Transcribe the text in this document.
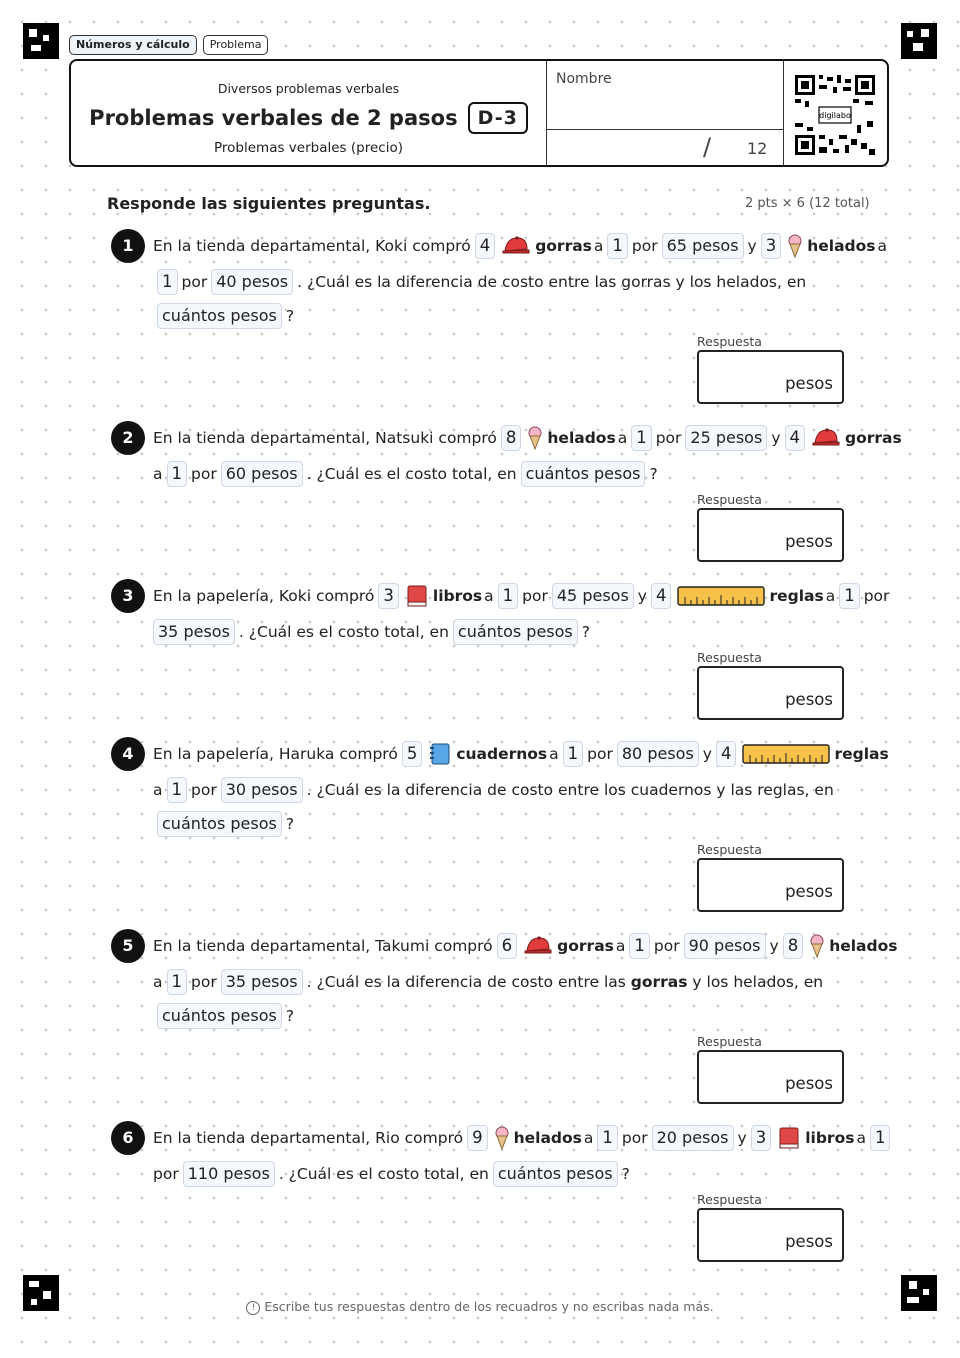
Números y cálculo	Problema
Diversos problemas verbales
Problemas verbales de 2 pasos	D-3
Problemas verbales (precio)
Nombre
/ 12
digilabo
Responde las siguientes preguntas.	2 pts × 6 (12 total)
1	En la tienda departamental, Koki compró 4	gorras a 1 por 65 pesos y 3	helados a
1 por 40 pesos . ¿Cuál es la diferencia de costo entre las gorras y los helados, en
cuántos pesos ?
Respuesta
pesos
2	En la tienda departamental, Natsuki compró 8	helados a 1 por 25 pesos y 4	gorras
a 1 por 60 pesos . ¿Cuál es el costo total, en cuántos pesos ?
Respuesta
pesos
3	En la papelería, Koki compró 3	libros a 1 por 45 pesos y 4	reglas a 1 por
35 pesos . ¿Cuál es el costo total, en cuántos pesos ?
Respuesta
pesos
4	En la papelería, Haruka compró 5	cuadernos a 1 por 80 pesos y 4	reglas
a 1 por 30 pesos . ¿Cuál es la diferencia de costo entre los cuadernos y las reglas, en
cuántos pesos ?
Respuesta
pesos
5	En la tienda departamental, Takumi compró 6	gorras a 1 por 90 pesos y 8	helados
a 1 por 35 pesos . ¿Cuál es la diferencia de costo entre las
gorras
y los helados, en
cuántos pesos ?
Respuesta
pesos
6	En la tienda departamental, Rio compró 9	helados a 1 por 20 pesos y 3	libros a 1
por 110 pesos . ¿Cuál es el costo total, en cuántos pesos ?
Respuesta
pesos
! Escribe tus respuestas dentro de los recuadros y no escribas nada más.
